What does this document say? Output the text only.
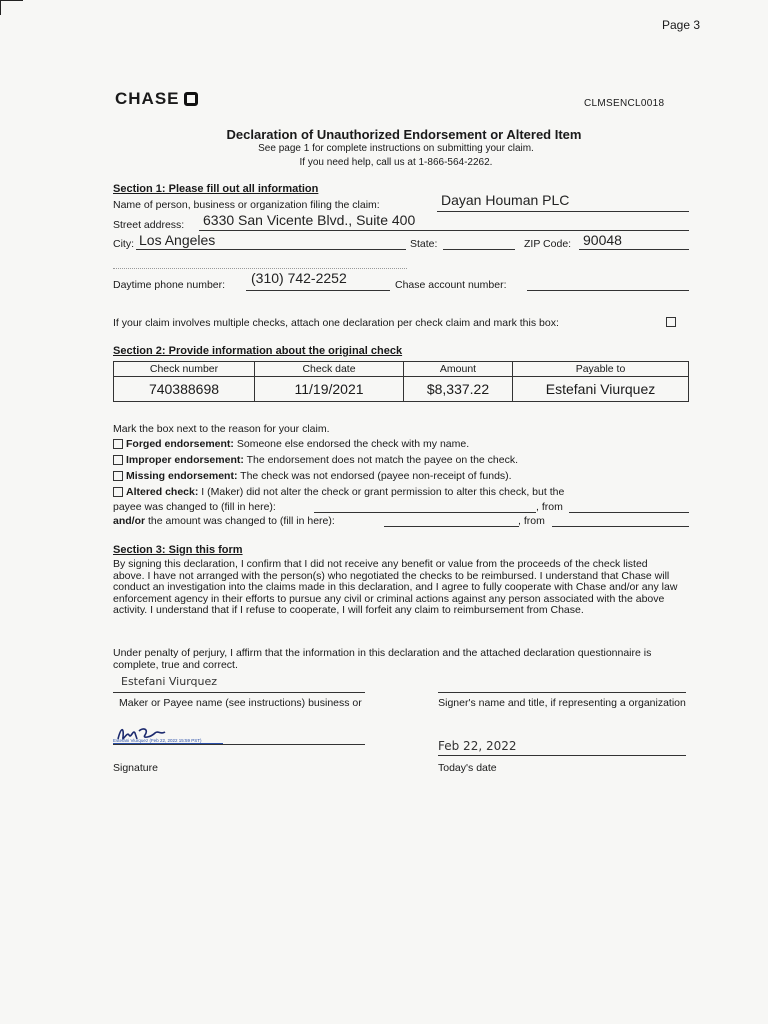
Page 3
CHASE	CLMSENCL0018
Declaration of Unauthorized Endorsement or Altered Item
See page 1 for complete instructions on submitting your claim.
If you need help, call us at 1-866-564-2262.
Section 1: Please fill out all information
Name of person, business or organization filing the claim:	Dayan Houman PLC
Street address: 6330 San Vicente Blvd., Suite 400
City: Los Angeles	State:	ZIP Code: 90048
Daytime phone number: (310) 742-2252	Chase account number:
If your claim involves multiple checks, attach one declaration per check claim and mark this box:
Section 2: Provide information about the original check
Check number	Check date	Amount	Payable to
740388698	11/19/2021	$8,337.22	Estefani Viurquez
Mark the box next to the reason for your claim.
Forged endorsement: Someone else endorsed the check with my name.
Improper endorsement: The endorsement does not match the payee on the check.
Missing endorsement: The check was not endorsed (payee non-receipt of funds).
Altered check: I (Maker) did not alter the check or grant permission to alter this check, but the
payee was changed to (fill in here):	, from
and/or the amount was changed to (fill in here):	, from
Section 3: Sign this form
By signing this declaration, I confirm that I did not receive any benefit or value from the proceeds of the check listed above. I have not arranged with the person(s) who negotiated the checks to be reimbursed. I understand that Chase will conduct an investigation into the claims made in this declaration, and I agree to fully cooperate with Chase and/or any law enforcement agency in their efforts to pursue any civil or criminal actions against any person associated with the above activity. I understand that if I refuse to cooperate, I will forfeit any claim to reimbursement from Chase.
Under penalty of perjury, I affirm that the information in this declaration and the attached declaration questionnaire is complete, true and correct.
Estefani Viurquez
Maker or Payee name (see instructions) business or	Signer's name and title, if representing a organization
Estefani Viurquez (Feb 22, 2022 15:59 PST)
Signature
Feb 22, 2022
Today's date
